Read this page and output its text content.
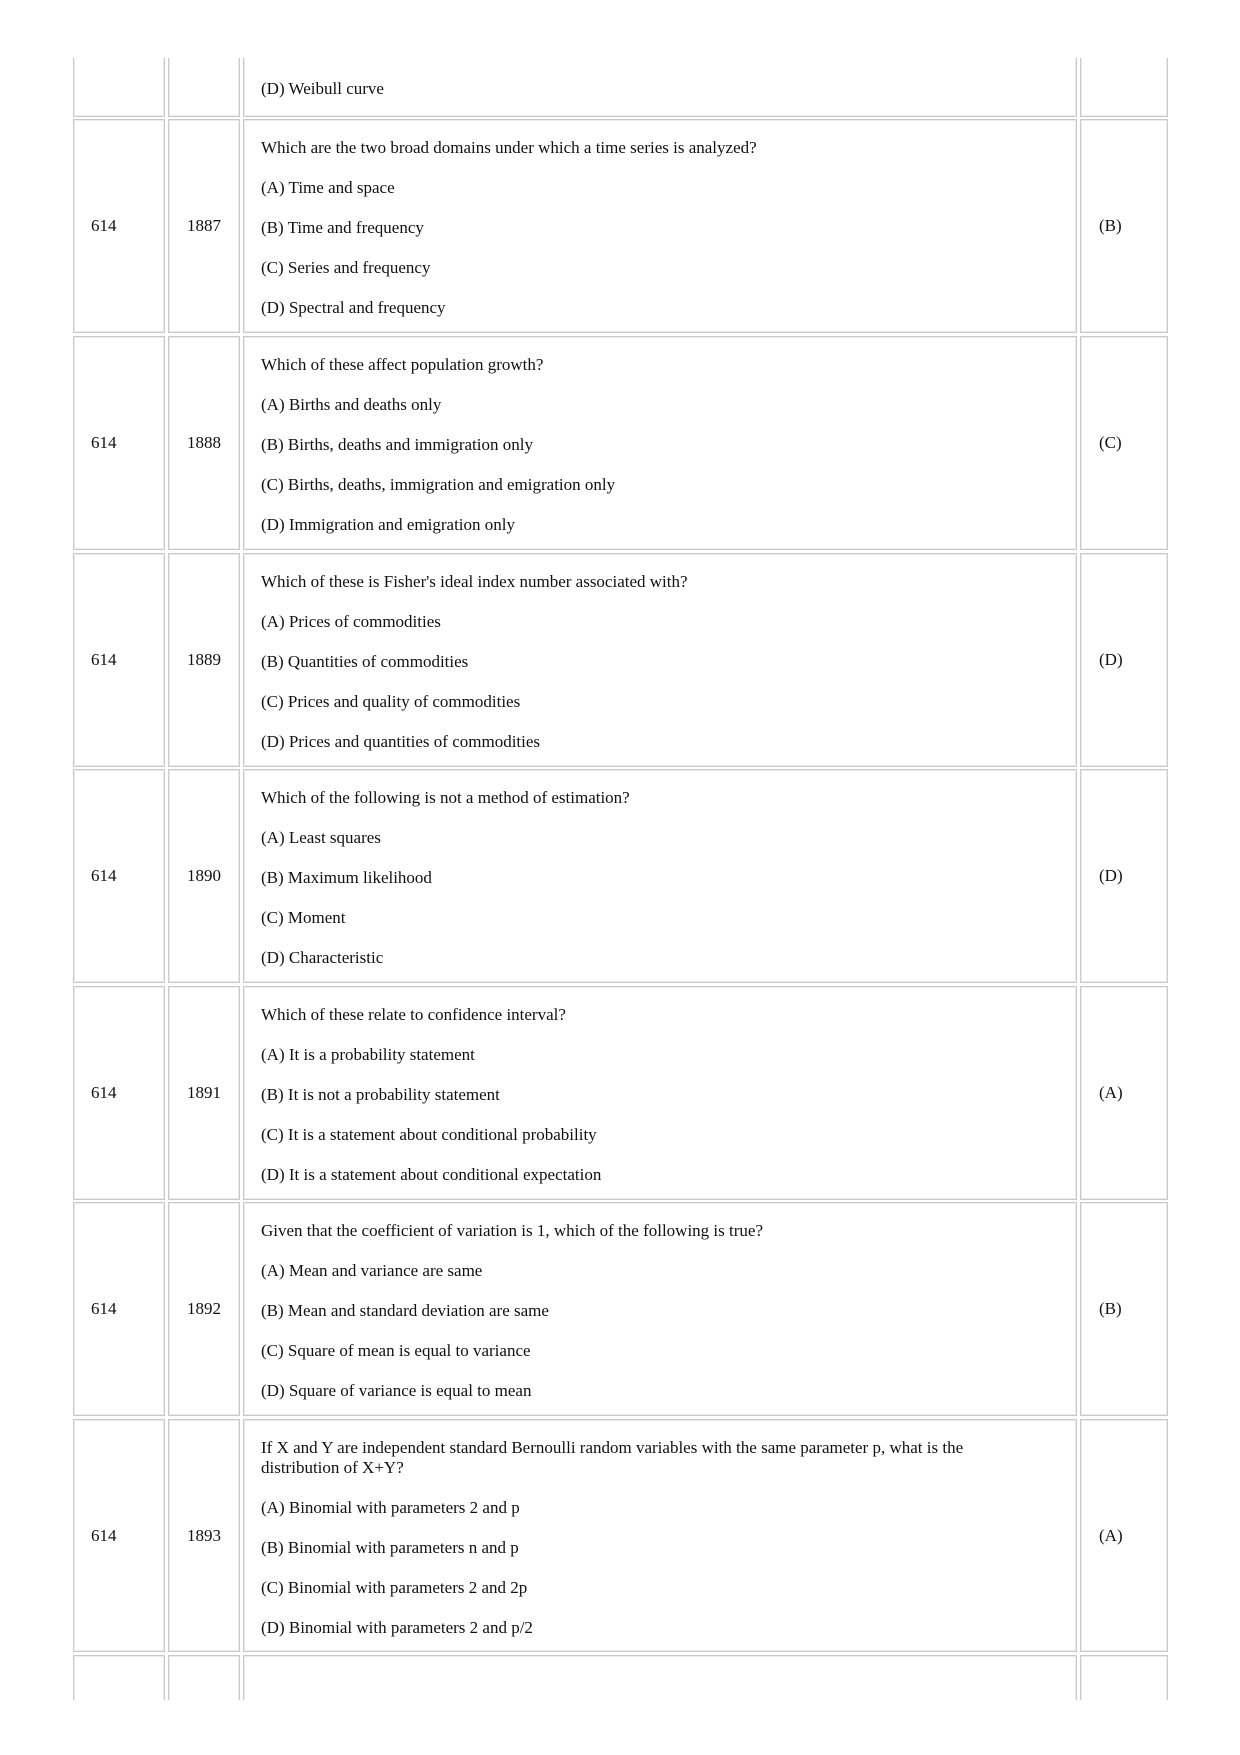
(D) Weibull curve

614	1887

Which are the two broad domains under which a time series is analyzed?

(A) Time and space

(B) Time and frequency

(C) Series and frequency

(D) Spectral and frequency

(B)
614	1888

Which of these affect population growth?

(A) Births and deaths only

(B) Births, deaths and immigration only

(C) Births, deaths, immigration and emigration only

(D) Immigration and emigration only

(C)
614	1889

Which of these is Fisher's ideal index number associated with?

(A) Prices of commodities

(B) Quantities of commodities

(C) Prices and quality of commodities

(D) Prices and quantities of commodities

(D)
614	1890

Which of the following is not a method of estimation?

(A) Least squares

(B) Maximum likelihood

(C) Moment

(D) Characteristic

(D)
614	1891

Which of these relate to confidence interval?

(A) It is a probability statement

(B) It is not a probability statement

(C) It is a statement about conditional probability

(D) It is a statement about conditional expectation

(A)
614	1892

Given that the coefficient of variation is 1, which of the following is true?

(A) Mean and variance are same

(B) Mean and standard deviation are same

(C) Square of mean is equal to variance

(D) Square of variance is equal to mean

(B)
614	1893

If X and Y are independent standard Bernoulli random variables with the same parameter p, what is the distribution of X+Y?

(A) Binomial with parameters 2 and p

(B) Binomial with parameters n and p

(C) Binomial with parameters 2 and 2p

(D) Binomial with parameters 2 and p/2

(A)
